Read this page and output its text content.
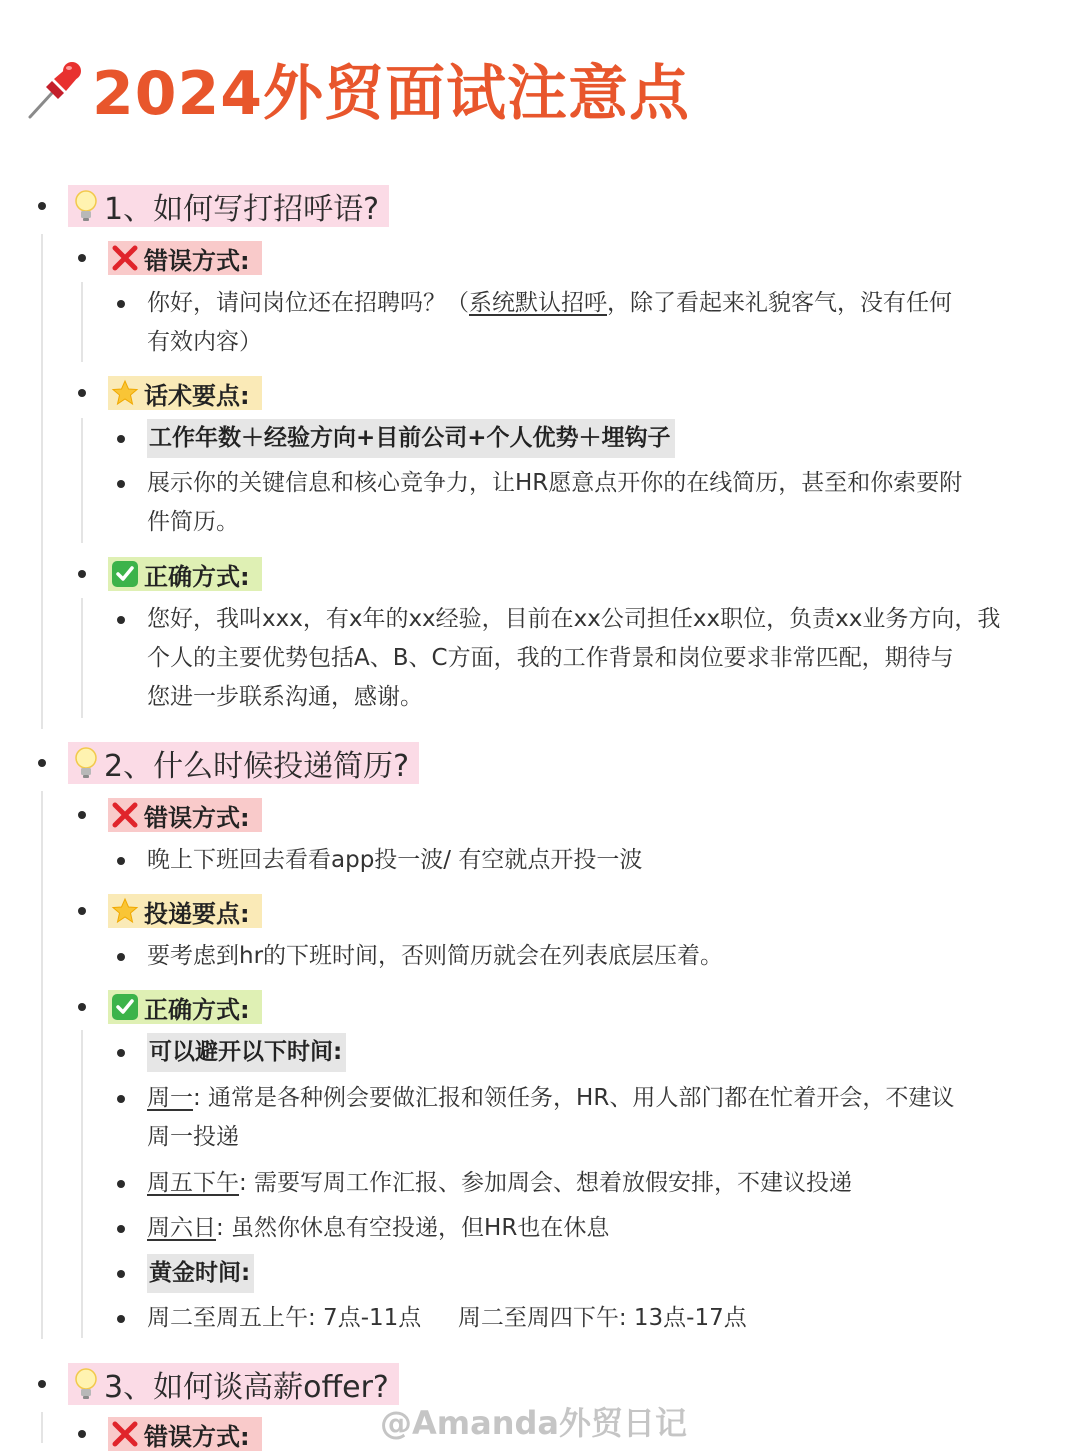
2024外贸面试注意点
1、如何写打招呼语?
错误方式:
你好，请问岗位还在招聘吗？（ 系统默认招呼 ，除了看起来礼貌客气，没有任何
有效内容）
话术要点:
工作年数＋经验方向+目前公司+个人优势＋埋钩子
展示你的关键信息和核心竞争力，让HR愿意点开你的在线简历，甚至和你索要附
件简历。
正确方式:
您好，我叫xxx，有x年的xx经验，目前在xx公司担任xx职位，负责xx业务方向，我
个人的主要优势包括A、B、C方面，我的工作背景和岗位要求非常匹配，期待与
您进一步联系沟通，感谢。
2、什么时候投递简历?
错误方式:
晚上下班回去看看app投一波/ 有空就点开投一波
投递要点:
要考虑到hr的下班时间，否则简历就会在列表底层压着。
正确方式:
可以避开以下时间:
周一 : 通常是各种例会要做汇报和领任务，HR、用人部门都在忙着开会，不建议
周一投递
周五下午 : 需要写周工作汇报、参加周会、想着放假安排，不建议投递
周六日 : 虽然你休息有空投递，但HR也在休息
黄金时间:
周二至周五上午: 7点-11点     周二至周四下午: 13点-17点
3、如何谈高薪offer?
错误方式:	@Amanda外贸日记
